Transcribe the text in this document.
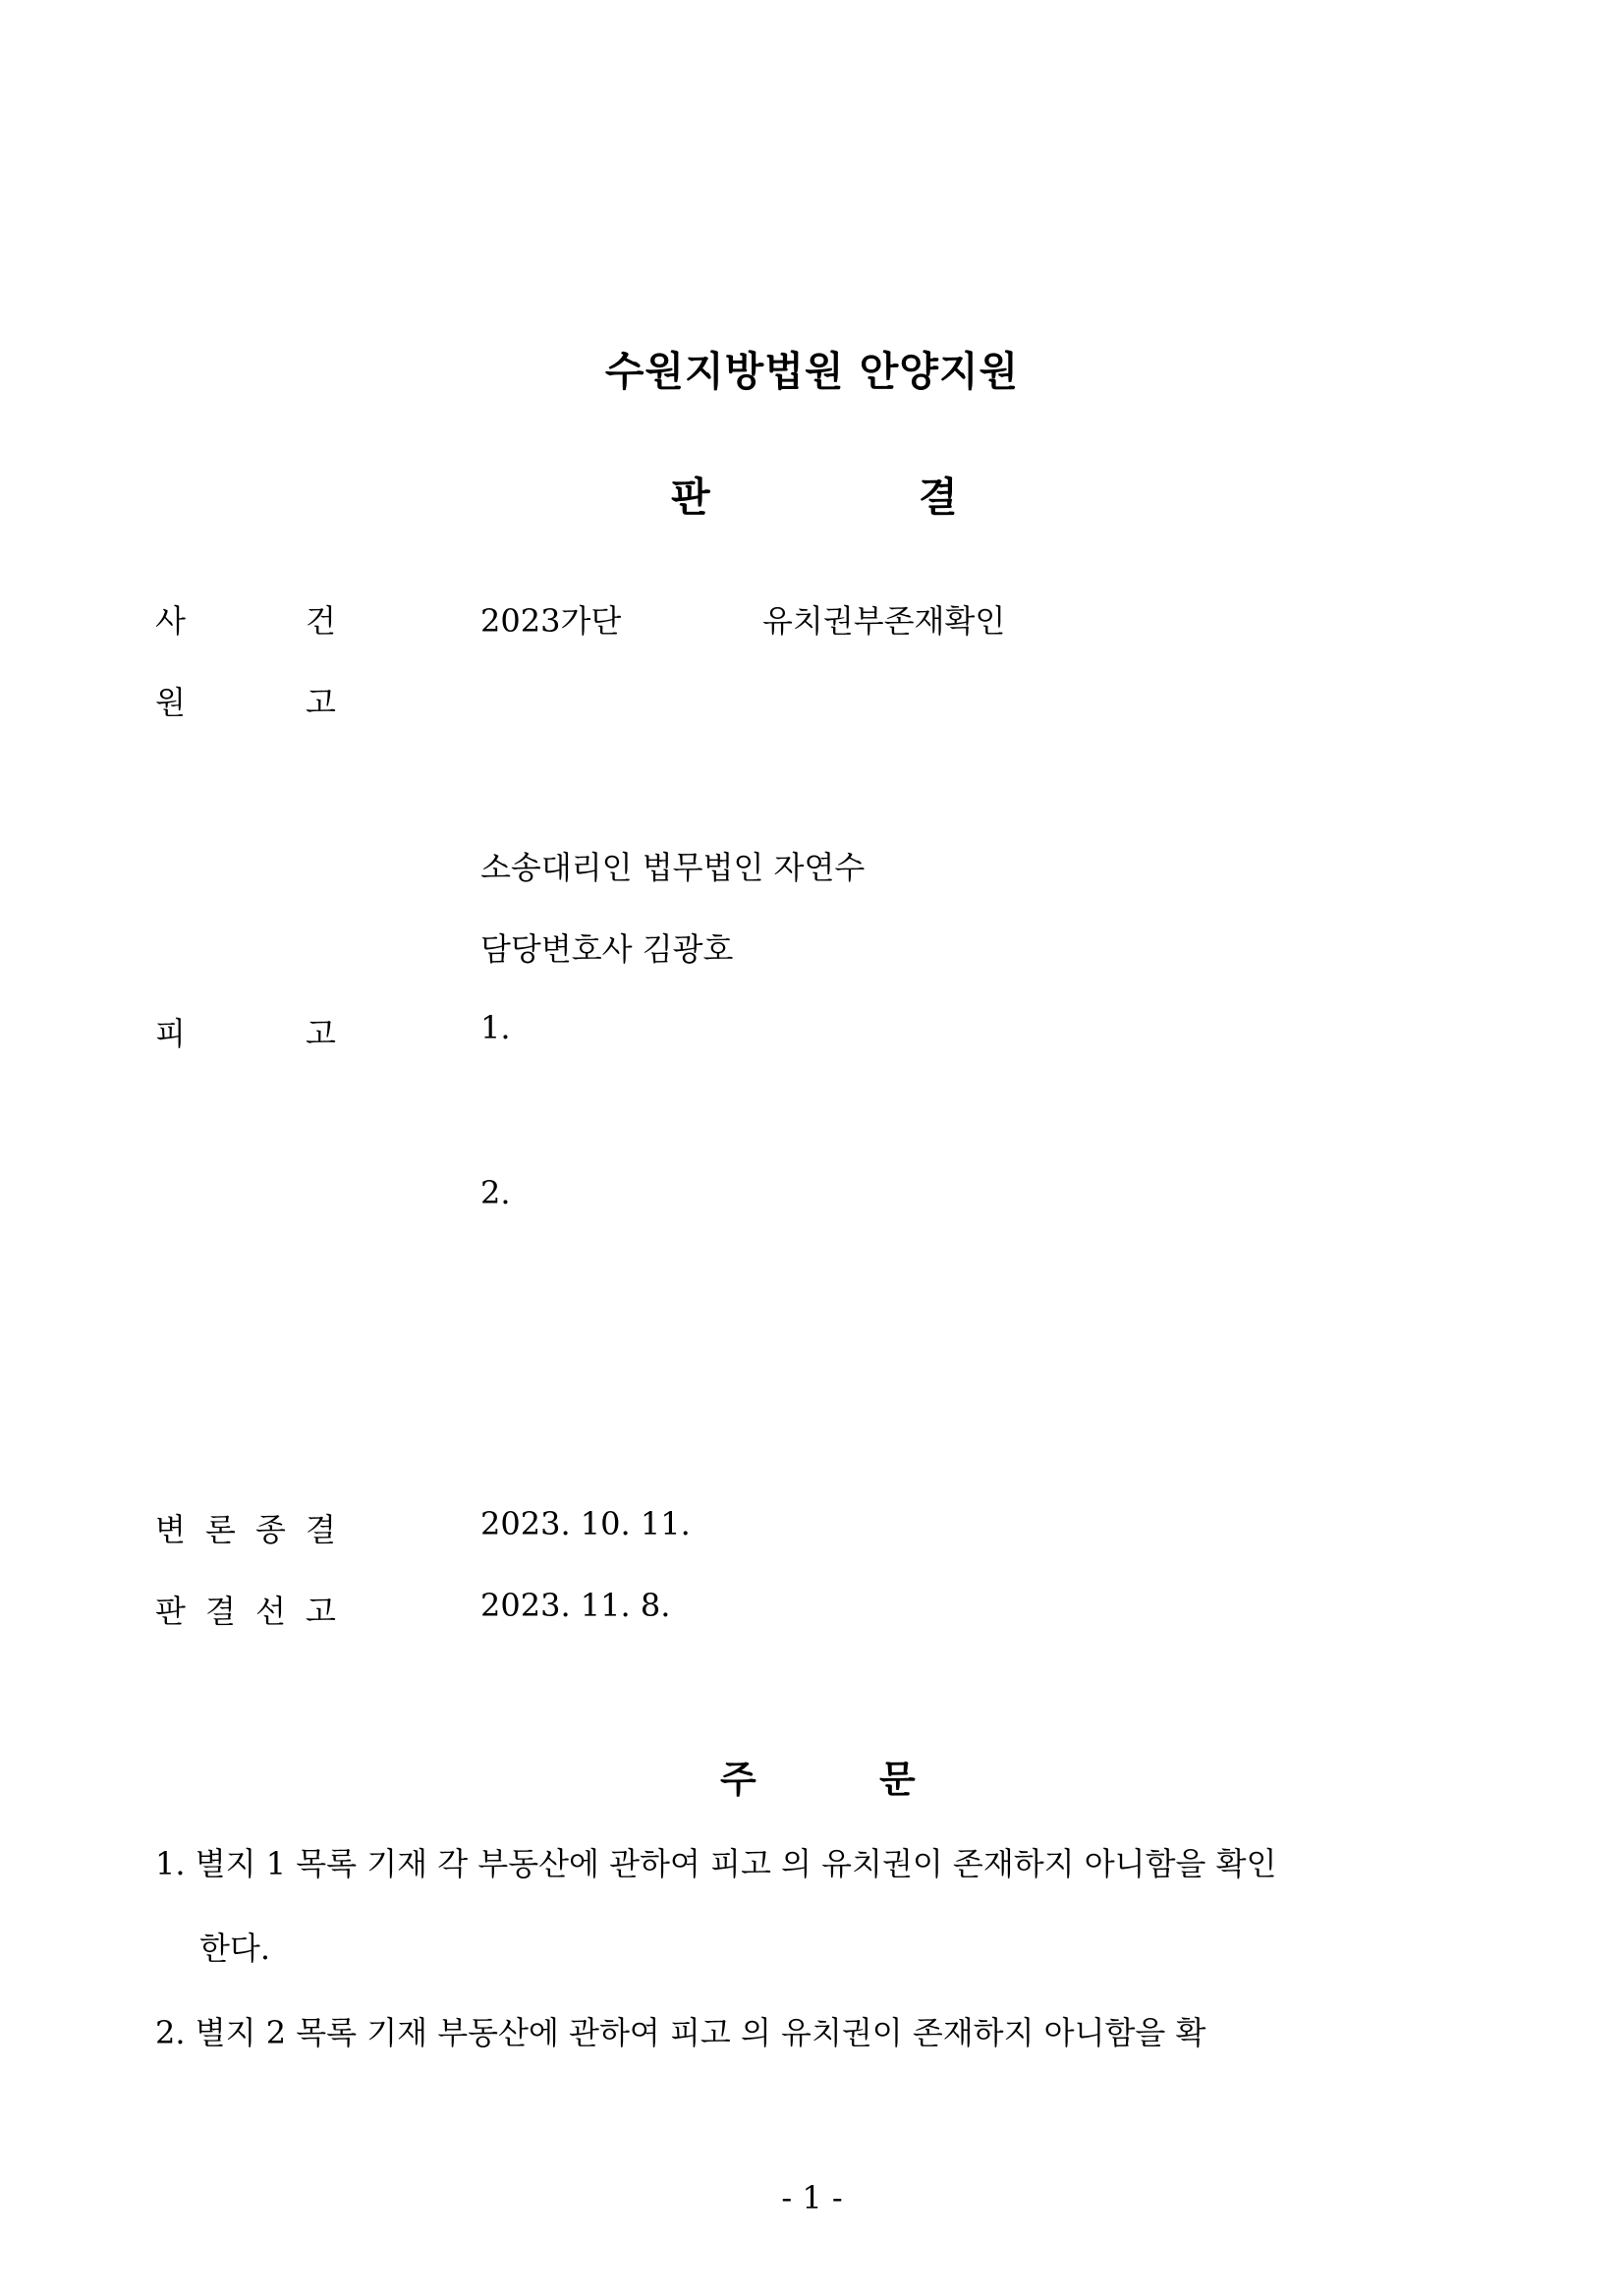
수원지방법원 안양지원
판	결
사	건	2023가단	유치권부존재확인
원	고
소송대리인 법무법인 자연수
담당변호사 김광호
피	고	1.
2.
변 론 종 결	2023. 10. 11.
판 결 선 고	2023. 11. 8.
주	문
1. 별지 1 목록 기재 각 부동산에 관하여 피고 의 유치권이 존재하지 아니함을 확인
한다.
2. 별지 2 목록 기재 부동산에 관하여 피고 의 유치권이 존재하지 아니함을 확
- 1 -
